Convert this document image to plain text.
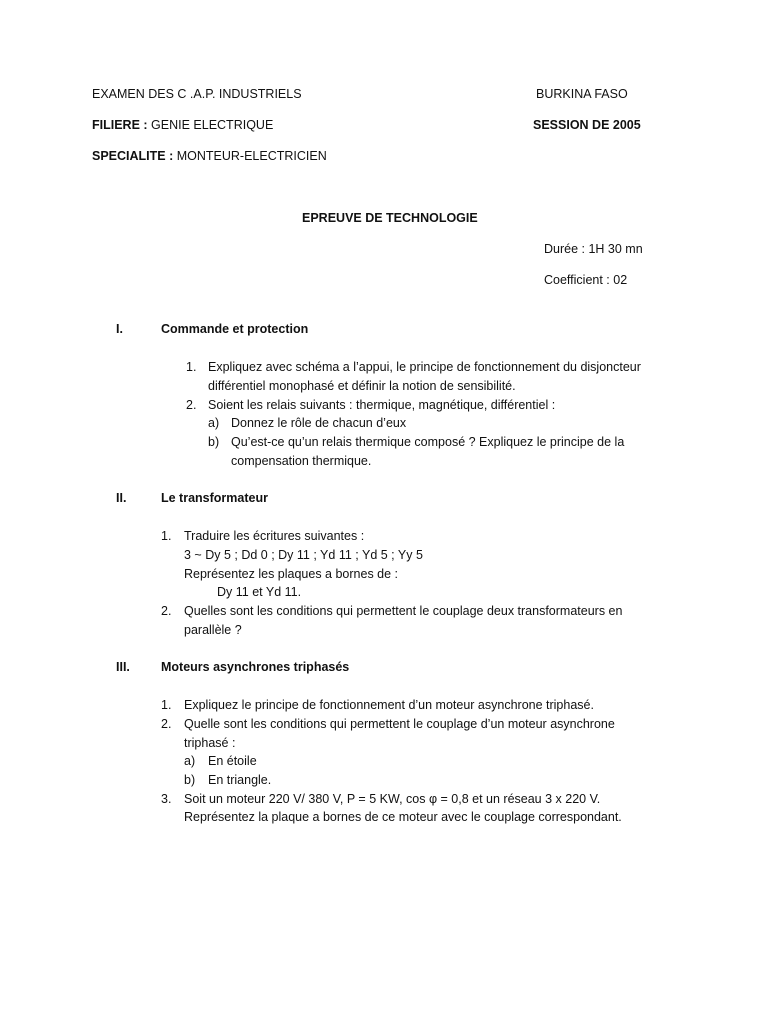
EXAMEN DES C .A.P. INDUSTRIELS	BURKINA FASO
FILIERE : GENIE ELECTRIQUE	SESSION DE 2005
SPECIALITE : MONTEUR-ELECTRICIEN
EPREUVE DE TECHNOLOGIE
Durée : 1H 30 mn
Coefficient : 02
I.	Commande et protection
1. Expliquez avec schéma a l’appui, le principe de fonctionnement du disjoncteur
différentiel monophasé et définir la notion de sensibilité.
2. Soient les relais suivants : thermique, magnétique, différentiel :
a) Donnez le rôle de chacun d’eux
b) Qu’est-ce qu’un relais thermique composé ? Expliquez le principe de la
compensation thermique.
II.	Le transformateur
1. Traduire les écritures suivantes :
3 ~ Dy 5 ; Dd 0 ; Dy 11 ; Yd 11 ; Yd 5 ; Yy 5
Représentez les plaques a bornes de :
Dy 11 et Yd 11.
2. Quelles sont les conditions qui permettent le couplage deux transformateurs en
parallèle ?
III. Moteurs asynchrones triphasés
1. Expliquez le principe de fonctionnement d’un moteur asynchrone triphasé.
2. Quelle sont les conditions qui permettent le couplage d’un moteur asynchrone
triphasé :
a) En étoile
b) En triangle.
3. Soit un moteur 220 V/ 380 V, P = 5 KW, cos φ = 0,8 et un réseau 3 x 220 V.
Représentez la plaque a bornes de ce moteur avec le couplage correspondant.
